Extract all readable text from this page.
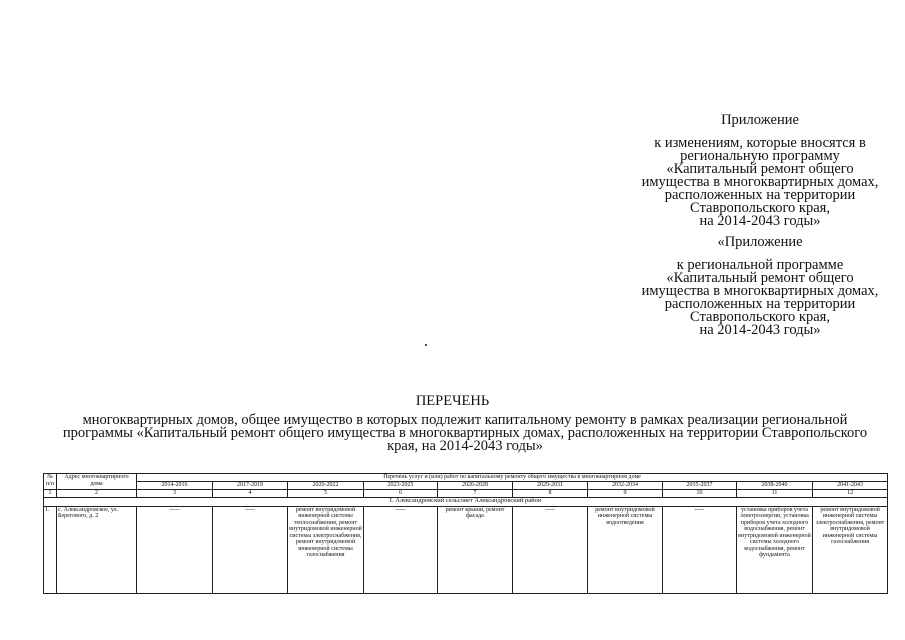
Приложение
к изменениям, которые вносятся в
региональную программу
«Капитальный ремонт общего
имущества в многоквартирных домах,
расположенных на территории
Ставропольского края,
на 2014-2043 годы»
«Приложение
к региональной программе
«Капитальный ремонт общего
имущества в многоквартирных домах,
расположенных на территории
Ставропольского края,
на 2014-2043 годы»
ПЕРЕЧЕНЬ
многоквартирных домов, общее имущество в которых подлежит капитальному ремонту в рамках реализации региональной
программы «Капитальный ремонт общего имущества в многоквартирных домах, расположенных на территории Ставропольского
края, на 2014-2043 годы»
№ п/п	Адрес многоквартирного дома	Перечень услуг и (или) работ по капитальному ремонту общего имущества в многоквартирном доме									
		2014-2016	2017-2019	2020-2022	2023-2025	2026-2028	2029-2031	2032-2034	2035-2037	2038-2040	2041-2043
1	2	3	4	5	6	7	8	9	10	11	12
I. Александровский сельсовет Александровский район											
1.	с. Александровское, ул. Берегового, д. 2	-----	-----	ремонт внутридомовой инженерной системы теплоснабжения, ремонт внутридомовой инженерной системы электроснабжения, ремонт внутридомовой инженерной системы газоснабжения	-----	ремонт крыши, ремонт фасада	-----	ремонт внутридомовой инженерной системы водоотведения	-----	установка приборов учета электроэнергии, установка приборов учета холодного водоснабжения, ремонт внутридомовой инженерной системы холодного водоснабжения, ремонт фундамента	ремонт внутридомовой инженерной системы электроснабжения, ремонт внутридомовой инженерной системы газоснабжения
